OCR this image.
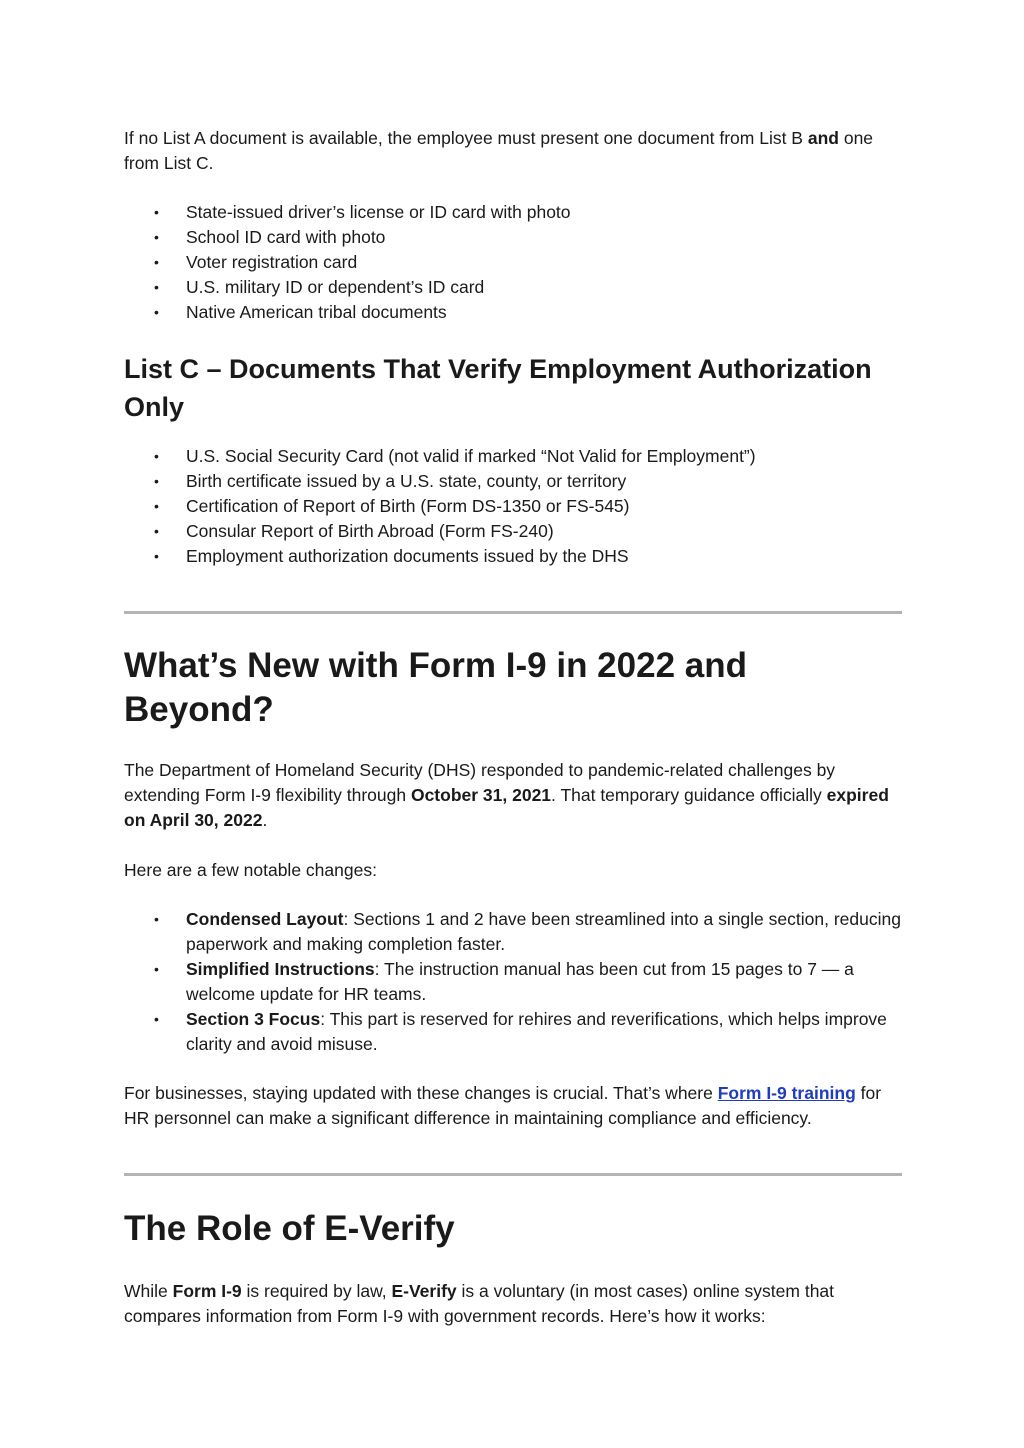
If no List A document is available, the employee must present one document from List B and one from List C.

• State-issued driver’s license or ID card with photo
• School ID card with photo
• Voter registration card
• U.S. military ID or dependent’s ID card
• Native American tribal documents
List C – Documents That Verify Employment Authorization Only
• U.S. Social Security Card (not valid if marked “Not Valid for Employment”)
• Birth certificate issued by a U.S. state, county, or territory
• Certification of Report of Birth (Form DS-1350 or FS-545)
• Consular Report of Birth Abroad (Form FS-240)
• Employment authorization documents issued by the DHS
What’s New with Form I-9 in 2022 and Beyond?

The Department of Homeland Security (DHS) responded to pandemic-related challenges by extending Form I-9 flexibility through October 31, 2021. That temporary guidance officially expired on April 30, 2022.

Here are a few notable changes:

• Condensed Layout: Sections 1 and 2 have been streamlined into a single section, reducing paperwork and making completion faster.
• Simplified Instructions: The instruction manual has been cut from 15 pages to 7 — a welcome update for HR teams.
• Section 3 Focus: This part is reserved for rehires and reverifications, which helps improve clarity and avoid misuse.

For businesses, staying updated with these changes is crucial. That’s where Form I-9 training for HR personnel can make a significant difference in maintaining compliance and efficiency.

The Role of E-Verify

While Form I-9 is required by law, E-Verify is a voluntary (in most cases) online system that compares information from Form I-9 with government records. Here’s how it works:
